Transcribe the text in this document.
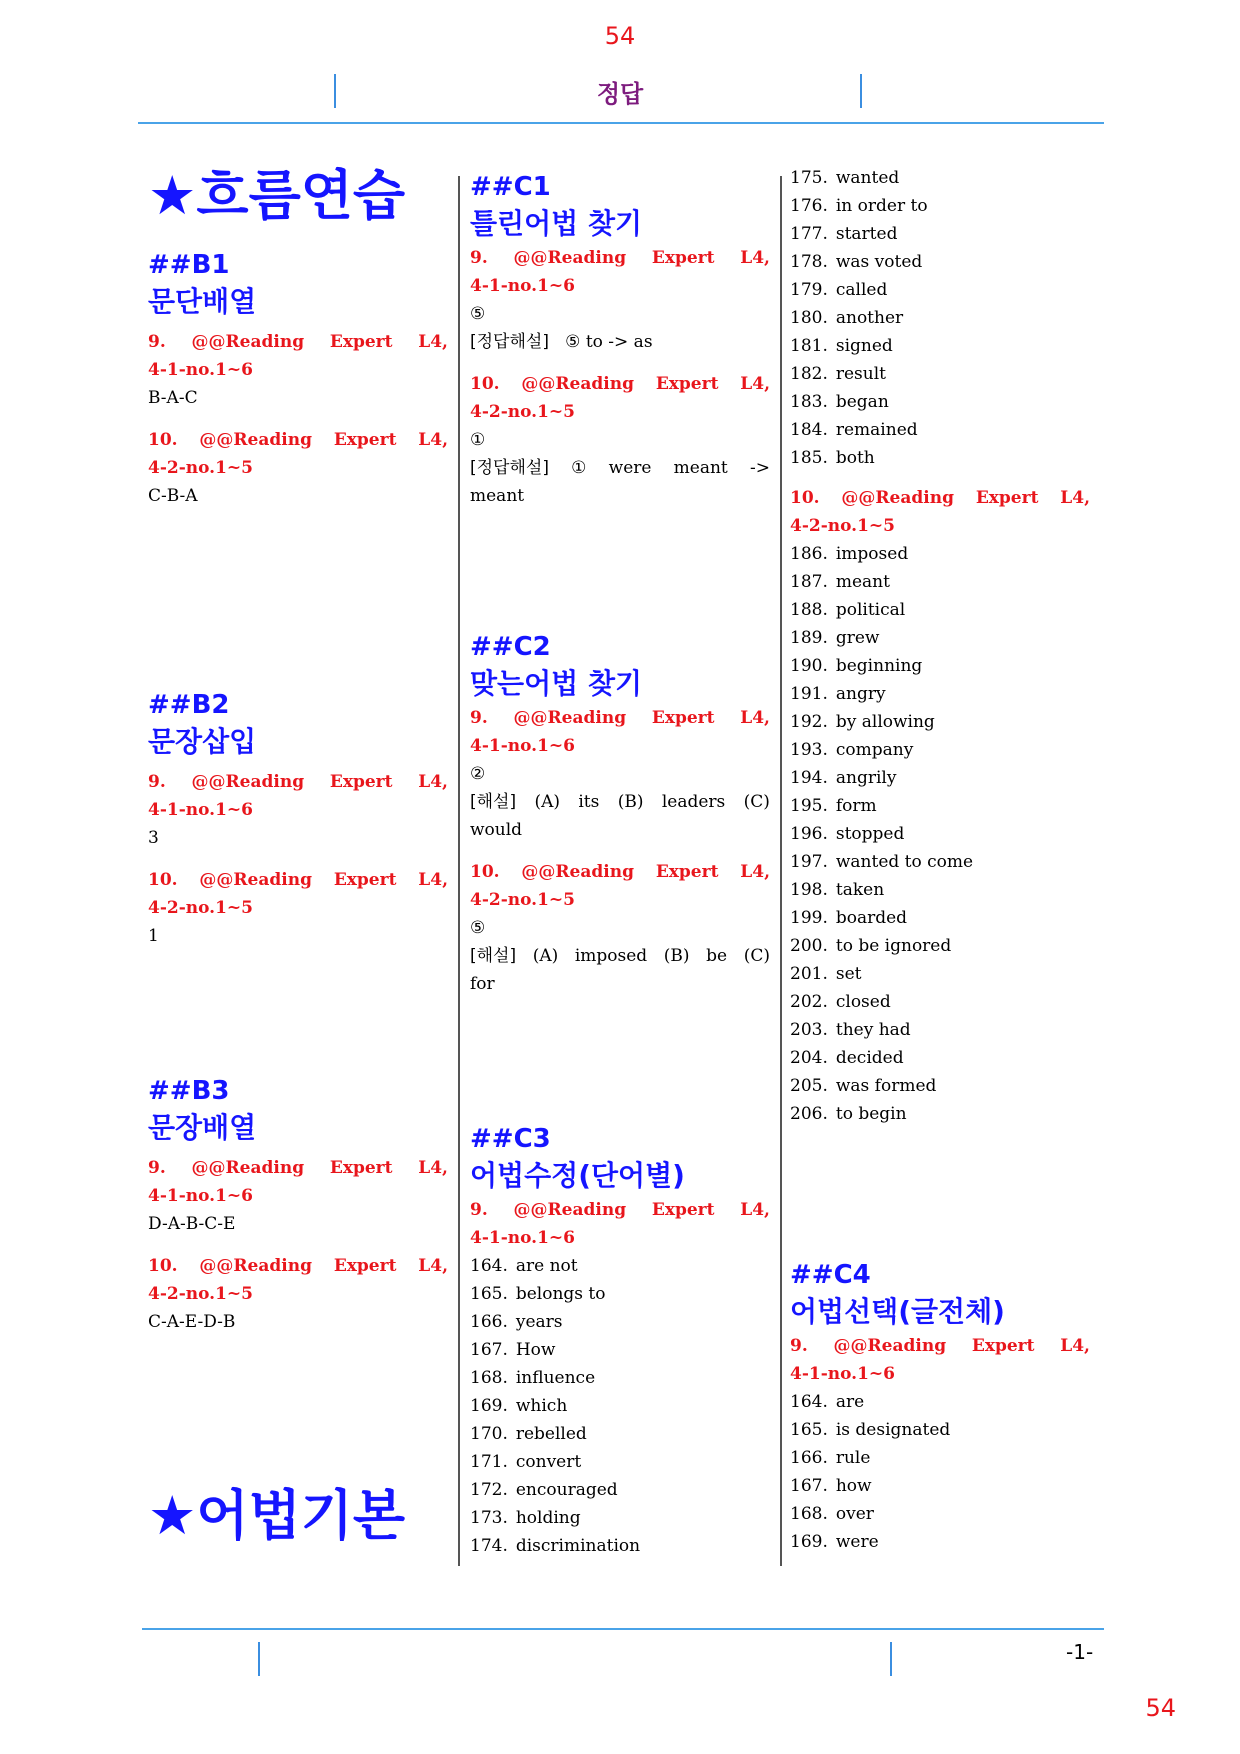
54
정답
★흐름연습
##B1
문단배열
9. @@Reading Expert L4,
4-1-no.1~6
B-A-C
10. @@Reading Expert L4,
4-2-no.1~5
C-B-A
##B2
문장삽입
9. @@Reading Expert L4,
4-1-no.1~6
3
10. @@Reading Expert L4,
4-2-no.1~5
1
##B3
문장배열
9. @@Reading Expert L4,
4-1-no.1~6
D-A-B-C-E
10. @@Reading Expert L4,
4-2-no.1~5
C-A-E-D-B
★어법기본
##C1
틀린어법 찾기
9. @@Reading Expert L4,
4-1-no.1~6
⑤
[정답해설] ⑤ to -> as
10. @@Reading Expert L4,
4-2-no.1~5
①
[정답해설] ① were meant ->
meant
##C2
맞는어법 찾기
9. @@Reading Expert L4,
4-1-no.1~6
②
[해설] (A) its (B) leaders (C)
would
10. @@Reading Expert L4,
4-2-no.1~5
⑤
[해설] (A) imposed (B) be (C)
for
##C3
어법수정(단어별)
9. @@Reading Expert L4,
4-1-no.1~6
164. are not
165. belongs to
166. years
167. How
168. influence
169. which
170. rebelled
171. convert
172. encouraged
173. holding
174. discrimination
175. wanted
176. in order to
177. started
178. was voted
179. called
180. another
181. signed
182. result
183. began
184. remained
185. both
10. @@Reading Expert L4,
4-2-no.1~5
186. imposed
187. meant
188. political
189. grew
190. beginning
191. angry
192. by allowing
193. company
194. angrily
195. form
196. stopped
197. wanted to come
198. taken
199. boarded
200. to be ignored
201. set
202. closed
203. they had
204. decided
205. was formed
206. to begin
##C4
어법선택(글전체)
9. @@Reading Expert L4,
4-1-no.1~6
164. are
165. is designated
166. rule
167. how
168. over
169. were
-1-
54
